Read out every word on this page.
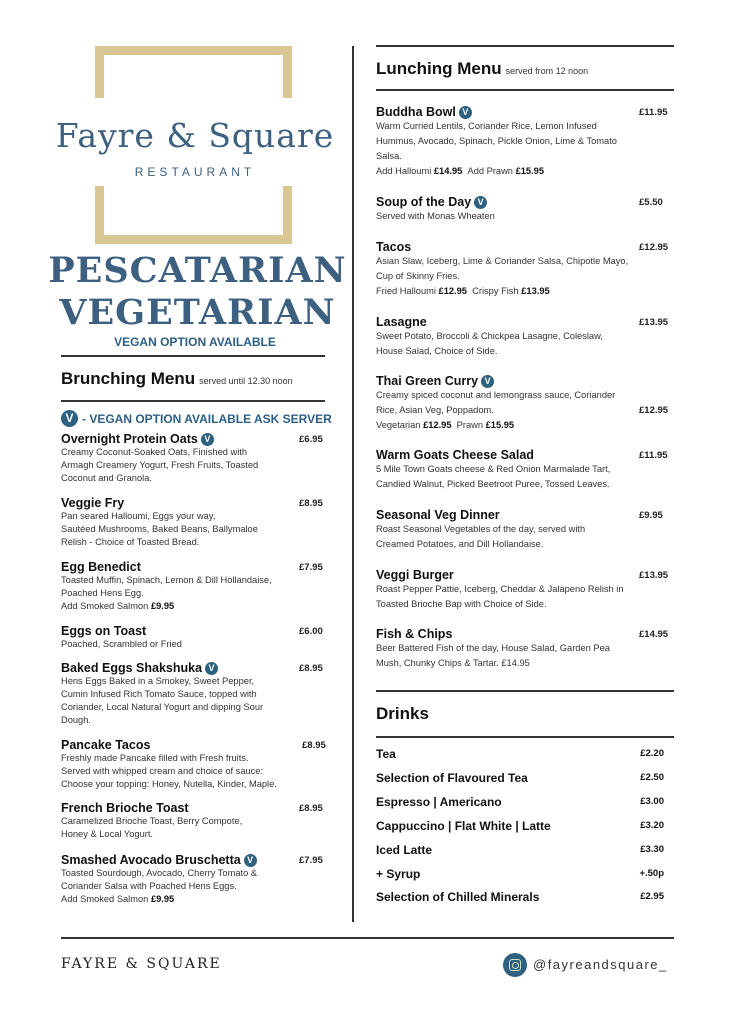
Fayre & Square
RESTAURANT
PESCATARIAN
VEGETARIAN
VEGAN OPTION AVAILABLE
Brunching Menu served until 12.30 noon
V - VEGAN OPTION AVAILABLE ASK SERVER
Overnight Protein Oats V
Creamy Coconut-Soaked Oats, Finished with
Armagh Creamery Yogurt, Fresh Fruits, Toasted
Coconut and Granola.
£6.95
Veggie Fry
Pan seared Halloumi, Eggs your way,
Sautéed Mushrooms, Baked Beans, Ballymaloe
Relish - Choice of Toasted Bread.
£8.95
Egg Benedict
Toasted Muffin, Spinach, Lemon & Dill Hollandaise,
Poached Hens Egg.
Add Smoked Salmon £9.95
£7.95
Eggs on Toast
Poached, Scrambled or Fried
£6.00
Baked Eggs Shakshuka V
Hens Eggs Baked in a Smokey, Sweet Pepper,
Cumin Infused Rich Tomato Sauce, topped with
Coriander, Local Natural Yogurt and dipping Sour
Dough.
£8.95
Pancake Tacos
Freshly made Pancake filled with Fresh fruits.
Served with whipped cream and choice of sauce:
Choose your topping: Honey, Nutella, Kinder, Maple.
£8.95
French Brioche Toast
Caramelized Brioche Toast, Berry Compote,
Honey & Local Yogurt.
£8.95
Smashed Avocado Bruschetta V
Toasted Sourdough, Avocado, Cherry Tomato &
Coriander Salsa with Poached Hens Eggs.
Add Smoked Salmon £9.95
£7.95
Lunching Menu served from 12 noon
Buddha Bowl V
Warm Curried Lentils, Coriander Rice, Lemon Infused
Hummus, Avocado, Spinach, Pickle Onion, Lime & Tomato
Salsa.
Add Halloumi £14.95 Add Prawn £15.95
£11.95
Soup of the Day V
Served with Monas Wheaten
£5.50
Tacos
Asian Slaw, Iceberg, Lime & Coriander Salsa, Chipotle Mayo,
Cup of Skinny Fries.
Fried Halloumi £12.95 Crispy Fish £13.95
£12.95
Lasagne
Sweet Potato, Broccoli & Chickpea Lasagne, Coleslaw,
House Salad, Choice of Side.
£13.95
Thai Green Curry V
Creamy spiced coconut and lemongrass sauce, Coriander
Rice, Asian Veg, Poppadom.
Vegetarian £12.95 Prawn £15.95
£12.95
Warm Goats Cheese Salad
5 Mile Town Goats cheese & Red Onion Marmalade Tart,
Candied Walnut, Picked Beetroot Puree, Tossed Leaves.
£11.95
Seasonal Veg Dinner
Roast Seasonal Vegetables of the day, served with
Creamed Potatoes, and Dill Hollandaise.
£9.95
Veggi Burger
Roast Pepper Pattie, Iceberg, Cheddar & Jalapeno Relish in
Toasted Brioche Bap with Choice of Side.
£13.95
Fish & Chips
Beer Battered Fish of the day, House Salad, Garden Pea
Mush, Chunky Chips & Tartar. £14.95
£14.95
Drinks
Tea	£2.20
Selection of Flavoured Tea	£2.50
Espresso | Americano	£3.00
Cappuccino | Flat White | Latte	£3.20
Iced Latte	£3.30
+ Syrup	+.50p
Selection of Chilled Minerals	£2.95
FAYRE & SQUARE	@fayreandsquare_
